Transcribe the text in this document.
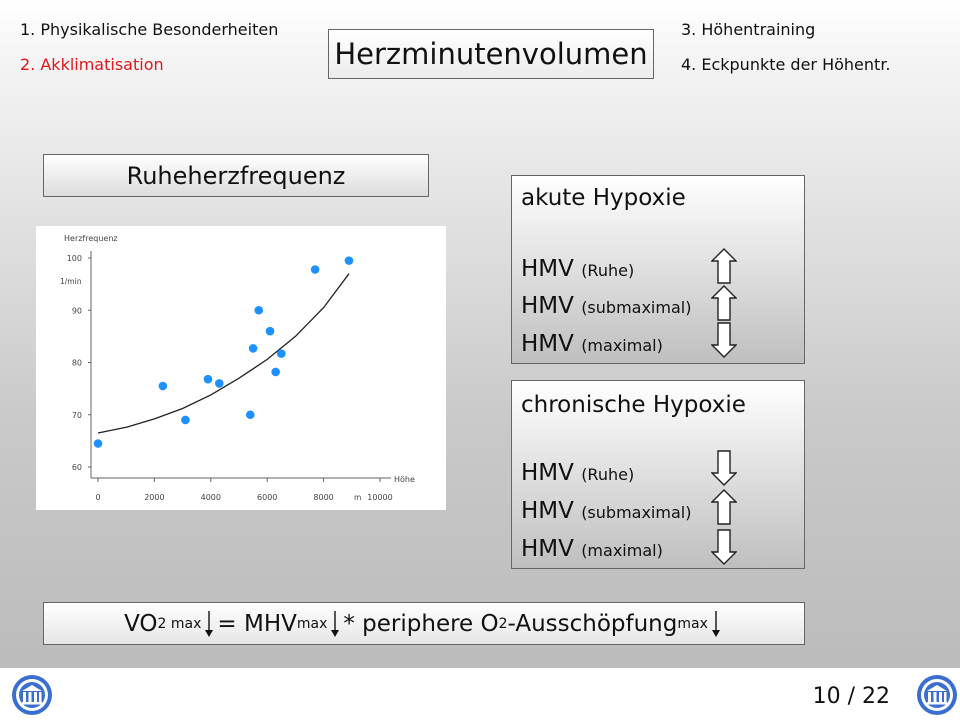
1. Physikalische Besonderheiten
2. Akklimatisation
3. Höhentraining
4. Eckpunkte der Höhentr.
Herzminutenvolumen
Ruheherzfrequenz
Herzfrequenz
1/min
Höhe
m
60
70
80
90
100
0	2000	4000	6000	8000	10000
akute Hypoxie
HMV (Ruhe)
HMV (submaximal)
HMV (maximal)
chronische Hypoxie
HMV (Ruhe)
HMV (submaximal)
HMV (maximal)
VO 2 max = MHV max * periphere O 2 -Ausschöpfung max
10 / 22
